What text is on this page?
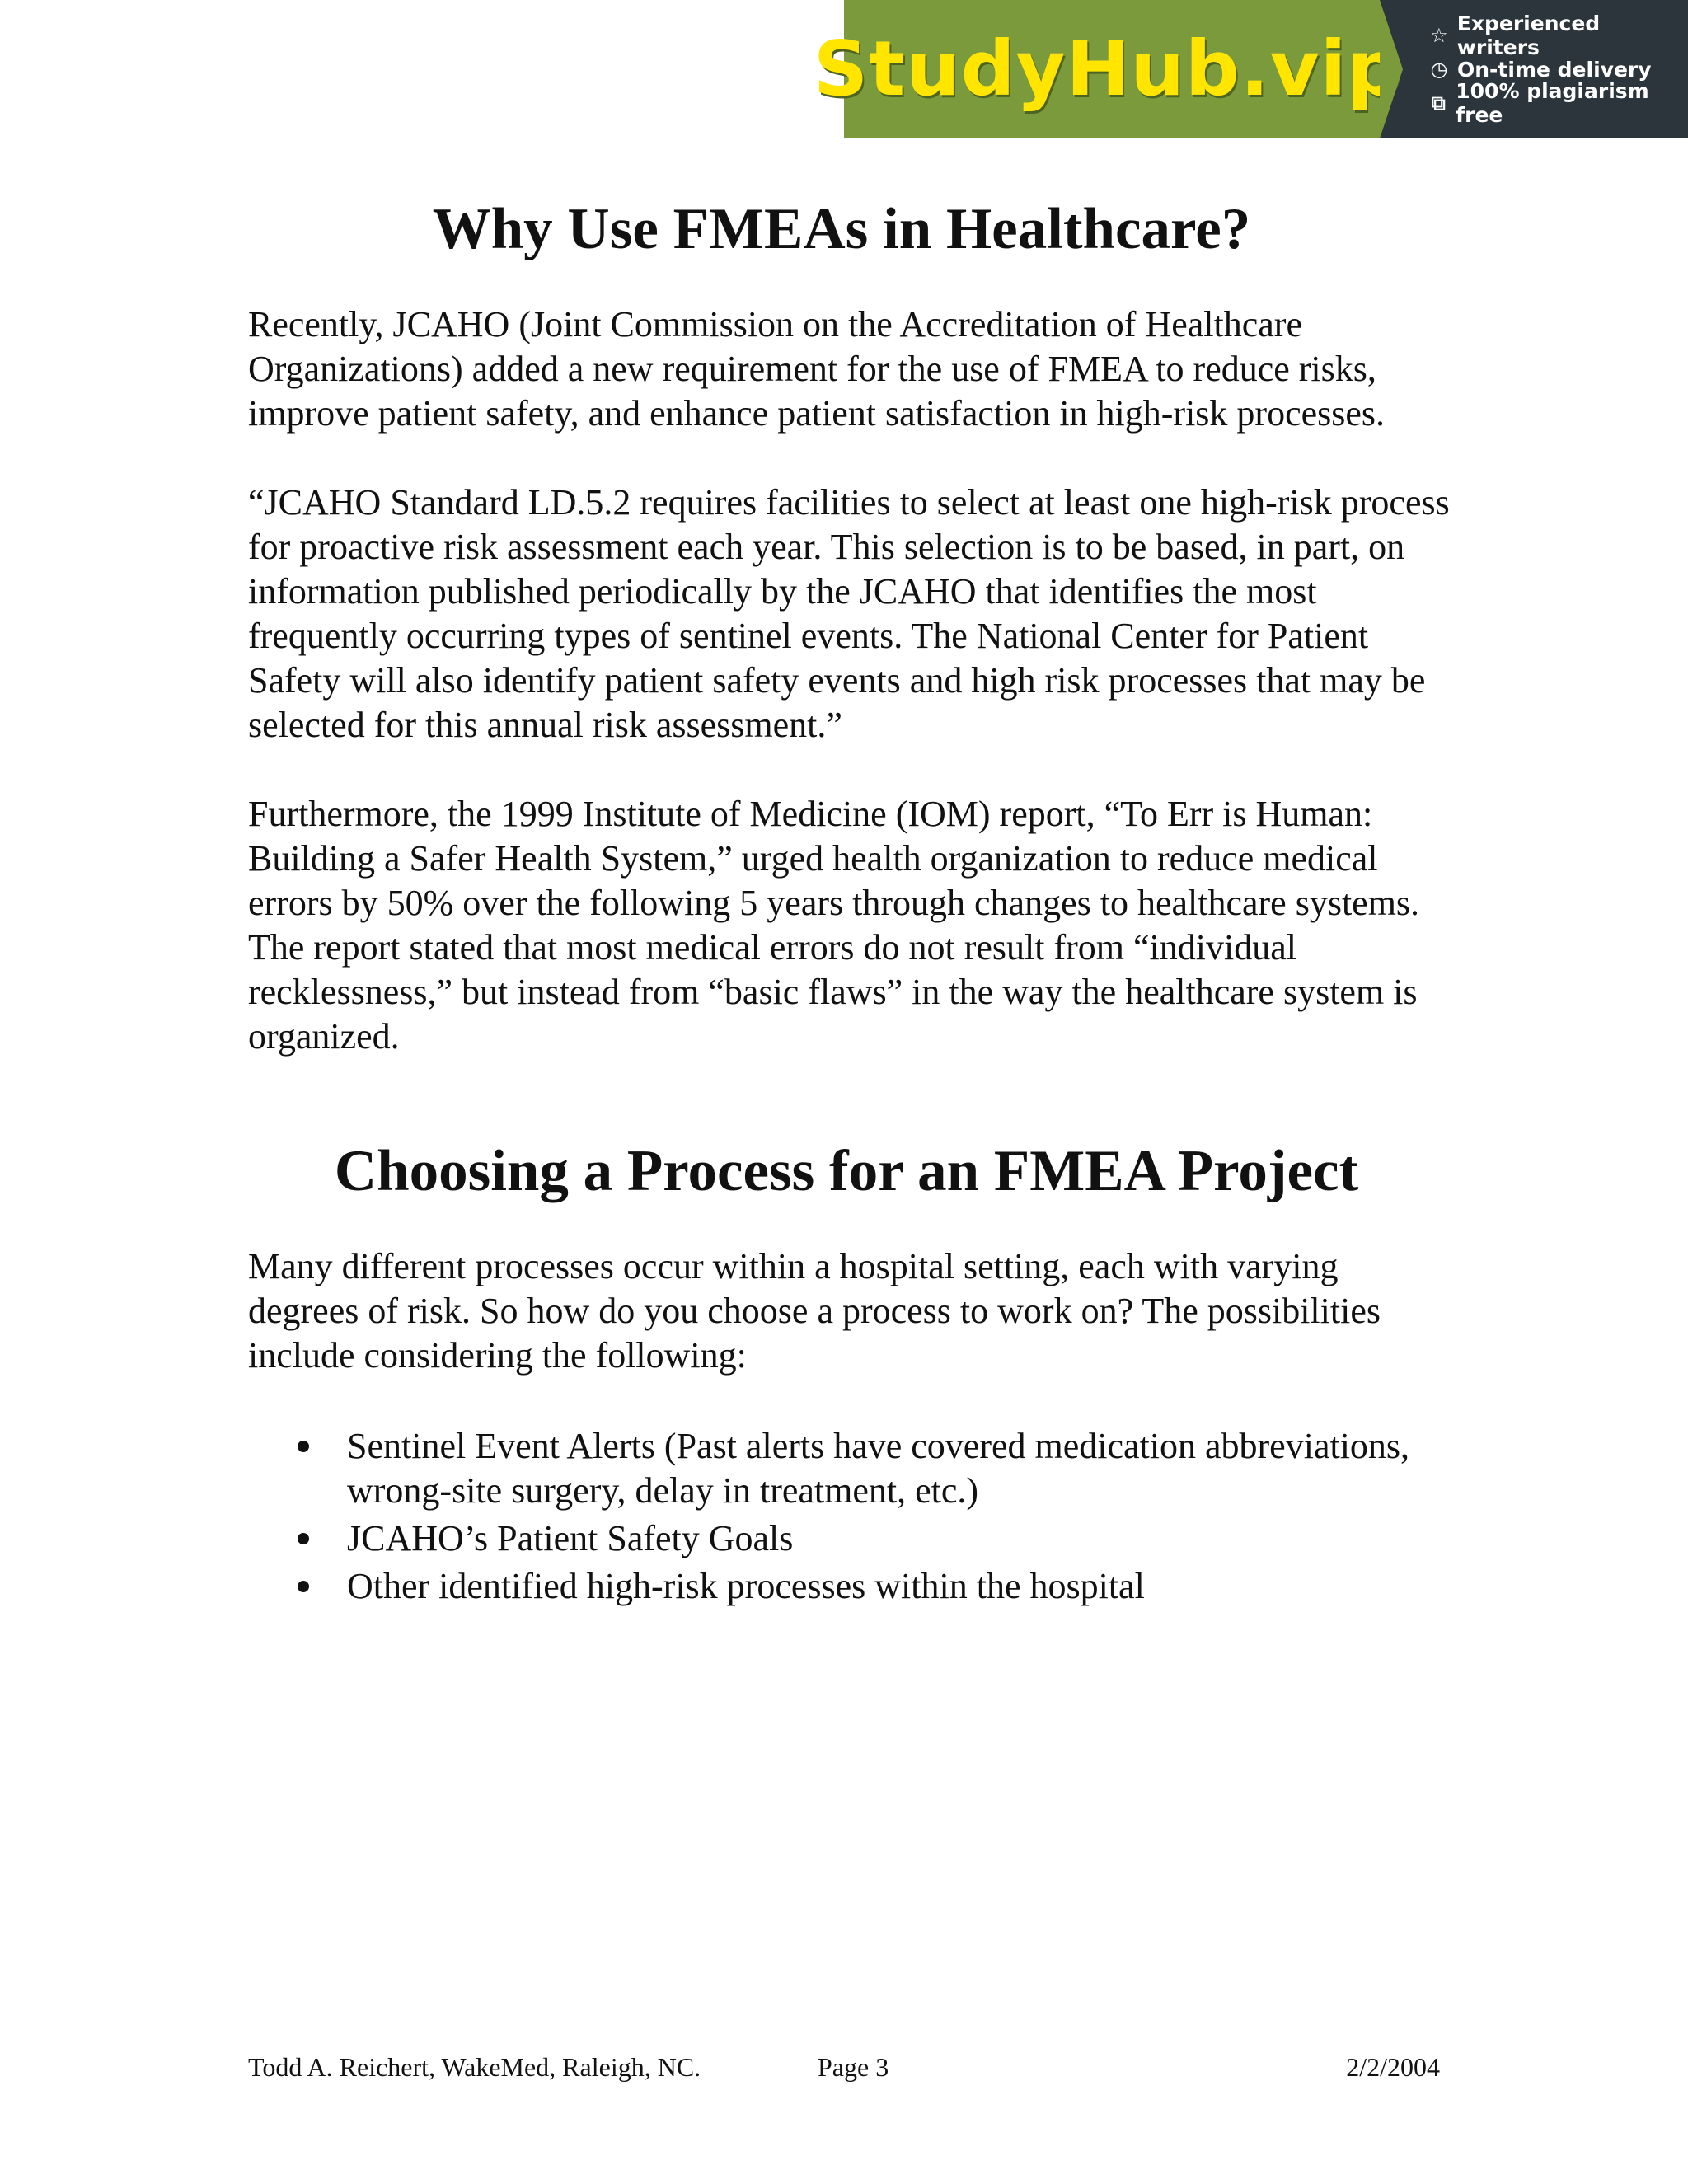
StudyHub.vip ☆ Experienced writers
◷ On-time delivery
⧉ 100% plagiarism free
Why Use FMEAs in Healthcare?

Recently, JCAHO (Joint Commission on the Accreditation of Healthcare Organizations) added a new requirement for the use of FMEA to reduce risks, improve patient safety, and enhance patient satisfaction in high-risk processes.

“JCAHO Standard LD.5.2 requires facilities to select at least one high-risk process for proactive risk assessment each year. This selection is to be based, in part, on information published periodically by the JCAHO that identifies the most frequently occurring types of sentinel events. The National Center for Patient Safety will also identify patient safety events and high risk processes that may be selected for this annual risk assessment.”

Furthermore, the 1999 Institute of Medicine (IOM) report, “To Err is Human: Building a Safer Health System,” urged health organization to reduce medical errors by 50% over the following 5 years through changes to healthcare systems. The report stated that most medical errors do not result from “individual recklessness,” but instead from “basic flaws” in the way the healthcare system is organized.

Choosing a Process for an FMEA Project

Many different processes occur within a hospital setting, each with varying degrees of risk. So how do you choose a process to work on? The possibilities include considering the following:

Sentinel Event Alerts (Past alerts have covered medication abbreviations, wrong-site surgery, delay in treatment, etc.)
JCAHO’s Patient Safety Goals
Other identified high-risk processes within the hospital
Todd A. Reichert, WakeMed, Raleigh, NC.	Page 3	2/2/2004
